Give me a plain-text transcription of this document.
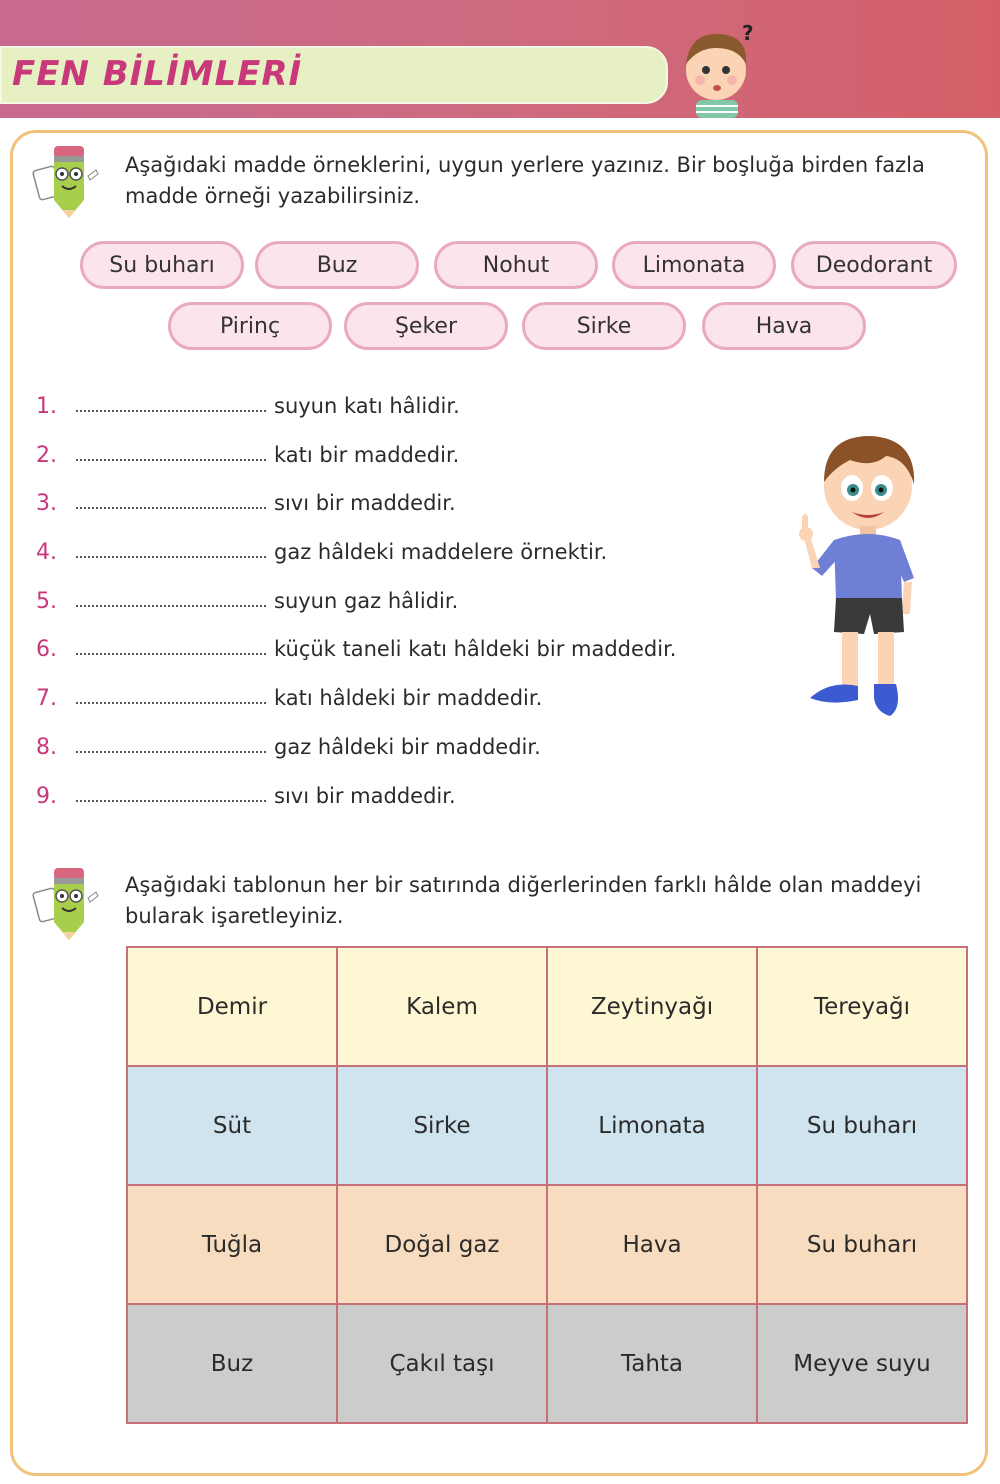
FEN BİLİMLERİ
?
Aşağıdaki madde örneklerini, uygun yerlere yazınız. Bir boşluğa birden fazla madde örneği yazabilirsiniz.
Su buharı	Buz	Nohut	Limonata	Deodorant
Pirinç	Şeker	Sirke	Hava
1.	suyun katı hâlidir.
2.	katı bir maddedir.
3.	sıvı bir maddedir.
4.	gaz hâldeki maddelere örnektir.
5.	suyun gaz hâlidir.
6.	küçük taneli katı hâldeki bir maddedir.
7.	katı hâldeki bir maddedir.
8.	gaz hâldeki bir maddedir.
9.	sıvı bir maddedir.
Aşağıdaki tablonun her bir satırında diğerlerinden farklı hâlde olan maddeyi bularak işaretleyiniz.
Demir	Kalem	Zeytinyağı	Tereyağı
Süt	Sirke	Limonata	Su buharı
Tuğla	Doğal gaz	Hava	Su buharı
Buz	Çakıl taşı	Tahta	Meyve suyu
